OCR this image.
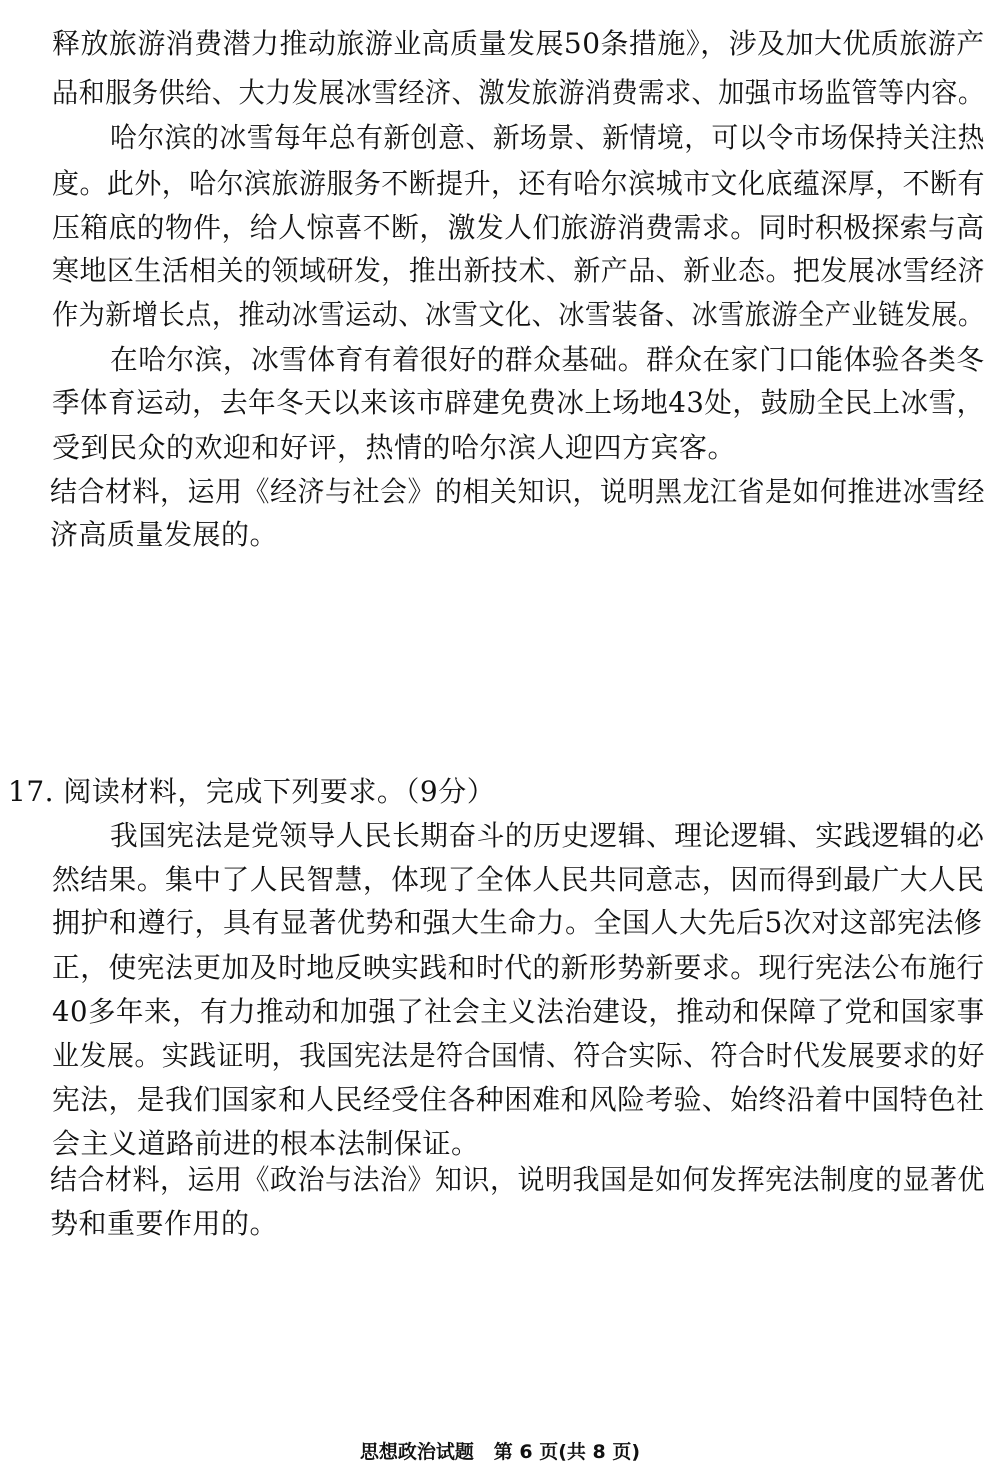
释放旅游消费潜力推动旅游业高质量发展50条措施》，涉及加大优质旅游产
品和服务供给、大力发展冰雪经济、激发旅游消费需求、加强市场监管等内容。
哈尔滨的冰雪每年总有新创意、新场景、新情境，可以令市场保持关注热
度。此外，哈尔滨旅游服务不断提升，还有哈尔滨城市文化底蕴深厚，不断有
压箱底的物件，给人惊喜不断，激发人们旅游消费需求。同时积极探索与高
寒地区生活相关的领域研发，推出新技术、新产品、新业态。把发展冰雪经济
作为新增长点，推动冰雪运动、冰雪文化、冰雪装备、冰雪旅游全产业链发展。
在哈尔滨，冰雪体育有着很好的群众基础。群众在家门口能体验各类冬
季体育运动，去年冬天以来该市辟建免费冰上场地43处，鼓励全民上冰雪，
受到民众的欢迎和好评，热情的哈尔滨人迎四方宾客。
结合材料，运用《经济与社会》的相关知识，说明黑龙江省是如何推进冰雪经
济高质量发展的。
17. 阅读材料，完成下列要求。（9分）
我国宪法是党领导人民长期奋斗的历史逻辑、理论逻辑、实践逻辑的必
然结果。集中了人民智慧，体现了全体人民共同意志，因而得到最广大人民
拥护和遵行，具有显著优势和强大生命力。全国人大先后5次对这部宪法修
正，使宪法更加及时地反映实践和时代的新形势新要求。现行宪法公布施行
40多年来，有力推动和加强了社会主义法治建设，推动和保障了党和国家事
业发展。实践证明，我国宪法是符合国情、符合实际、符合时代发展要求的好
宪法，是我们国家和人民经受住各种困难和风险考验、始终沿着中国特色社
会主义道路前进的根本法制保证。
结合材料，运用《政治与法治》知识，说明我国是如何发挥宪法制度的显著优
势和重要作用的。
思想政治试题 第 6 页(共 8 页)
